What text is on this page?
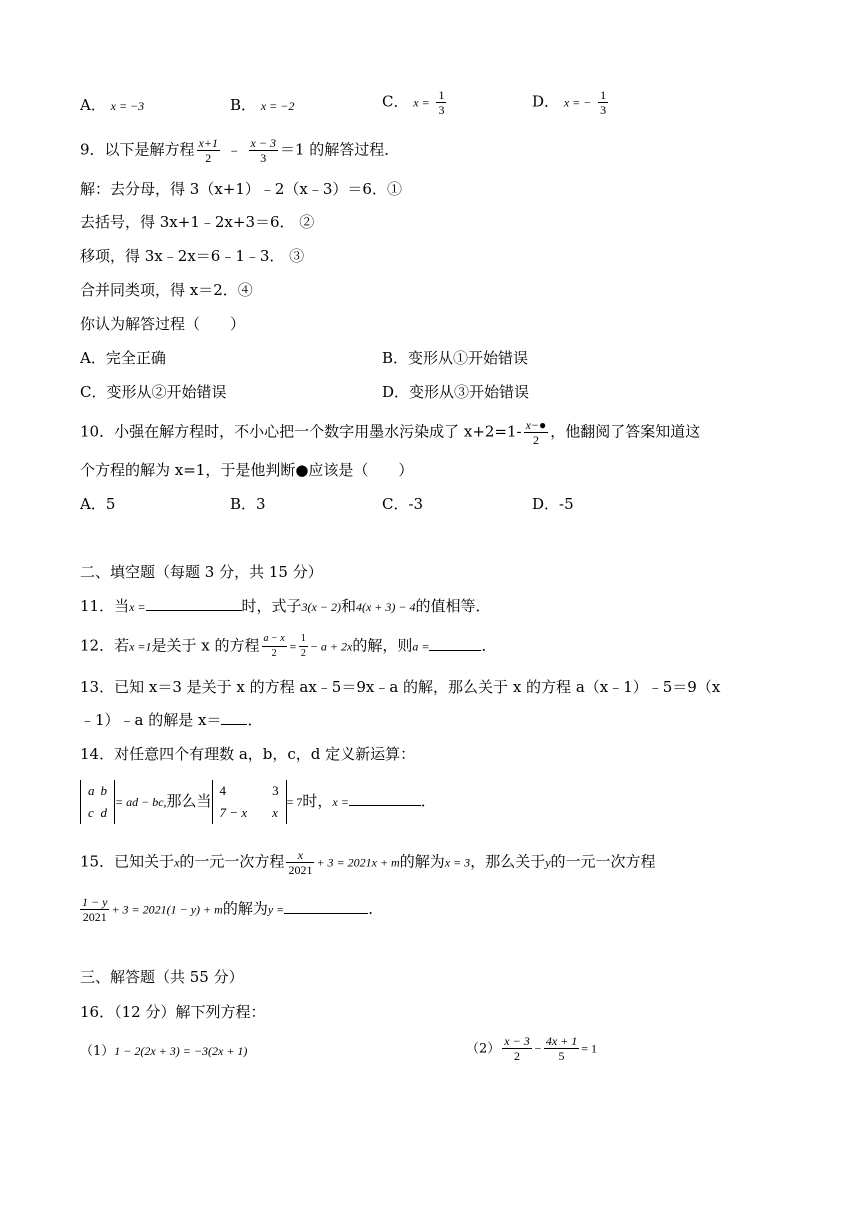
A． x = −3	B． x = −2	C． $x = \frac{1}{3}$	D． x = − $\frac{1}{3}$
9．以下是解方程 $\frac{x+1}{2}$ ﹣ $\frac{x - 3}{3} =1$ 的解答过程．
解：去分母，得 3（x+1）﹣2（x﹣3）＝6．①
去括号，得 3x+1﹣2x+3＝6． ②
移项，得 3x﹣2x＝6﹣1﹣3． ③
合并同类项，得 x＝2．④
你认为解答过程（　　）
A．完全正确	B．变形从①开始错误
C．变形从②开始错误	D．变形从③开始错误
10．小强在解方程时，不小心把一个数字用墨水污染成了 $x+2=1- \frac{x-●}{2}$ ，他翻阅了答案知道这
个方程的解为 x=1，于是他判断●应该是（　　）
A．5	B．3	C．-3	D．-5
二、填空题（每题 3 分，共 15 分）
11．当x =	时，式子3(x − 2)和4(x + 3) − 4的值相等．
12．若x =1是关于 x 的方程 $\frac{a - x}{2} = \frac{1}{2} - a + 2x$的解，则a =	．
13．已知 x＝3 是关于 x 的方程 ax﹣5＝9x﹣a 的解，那么关于 x 的方程 a（x﹣1）﹣5＝9（x
﹣1）﹣a 的解是 x＝ ．
14．对任意四个有理数 a，b，c，d 定义新运算：
a	b
c	d
= ad − bc,那么当
4	3
7 − x	x
= 7时，x =	．
15．已知关于x的一元一次方程 $\frac{x}{2021} + 3 = 2021x + m$的解为x = 3，那么关于y的一元一次方程
$\frac{1 - y}{2021} + 3 = 2021(1 - y) + m$的解为y =	．
三、解答题（共 55 分）
16．（12 分）解下列方程：
（1）1 − 2(2x + 3) = −3(2x + 1)	$(2) \frac{x - 3}{2} - \frac{4x + 1}{5} = 1$
